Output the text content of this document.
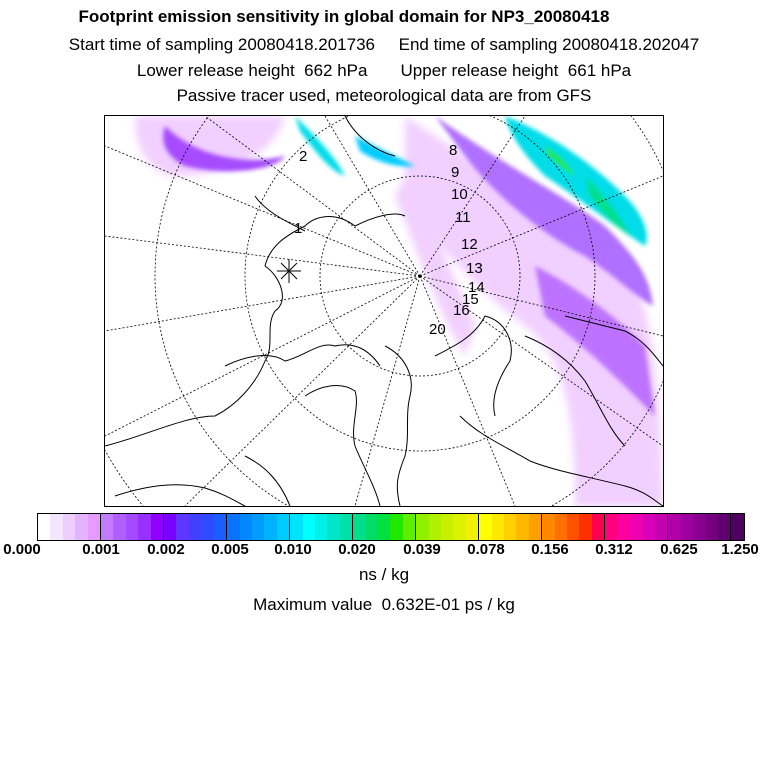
Footprint emission sensitivity in global domain for NP3_20080418
Start time of sampling 20080418.201736 End time of sampling 20080418.202047
Lower release height  662 hPa Upper release height  661 hPa
Passive tracer used, meteorological data are from GFS
1
2	8
9
10
11
12
13
14
15
16
20
0.000	0.001 0.002 0.005 0.010 0.020 0.039 0.078 0.156 0.312 0.625 1.250
ns / kg
Maximum value  0.632E-01 ps / kg
